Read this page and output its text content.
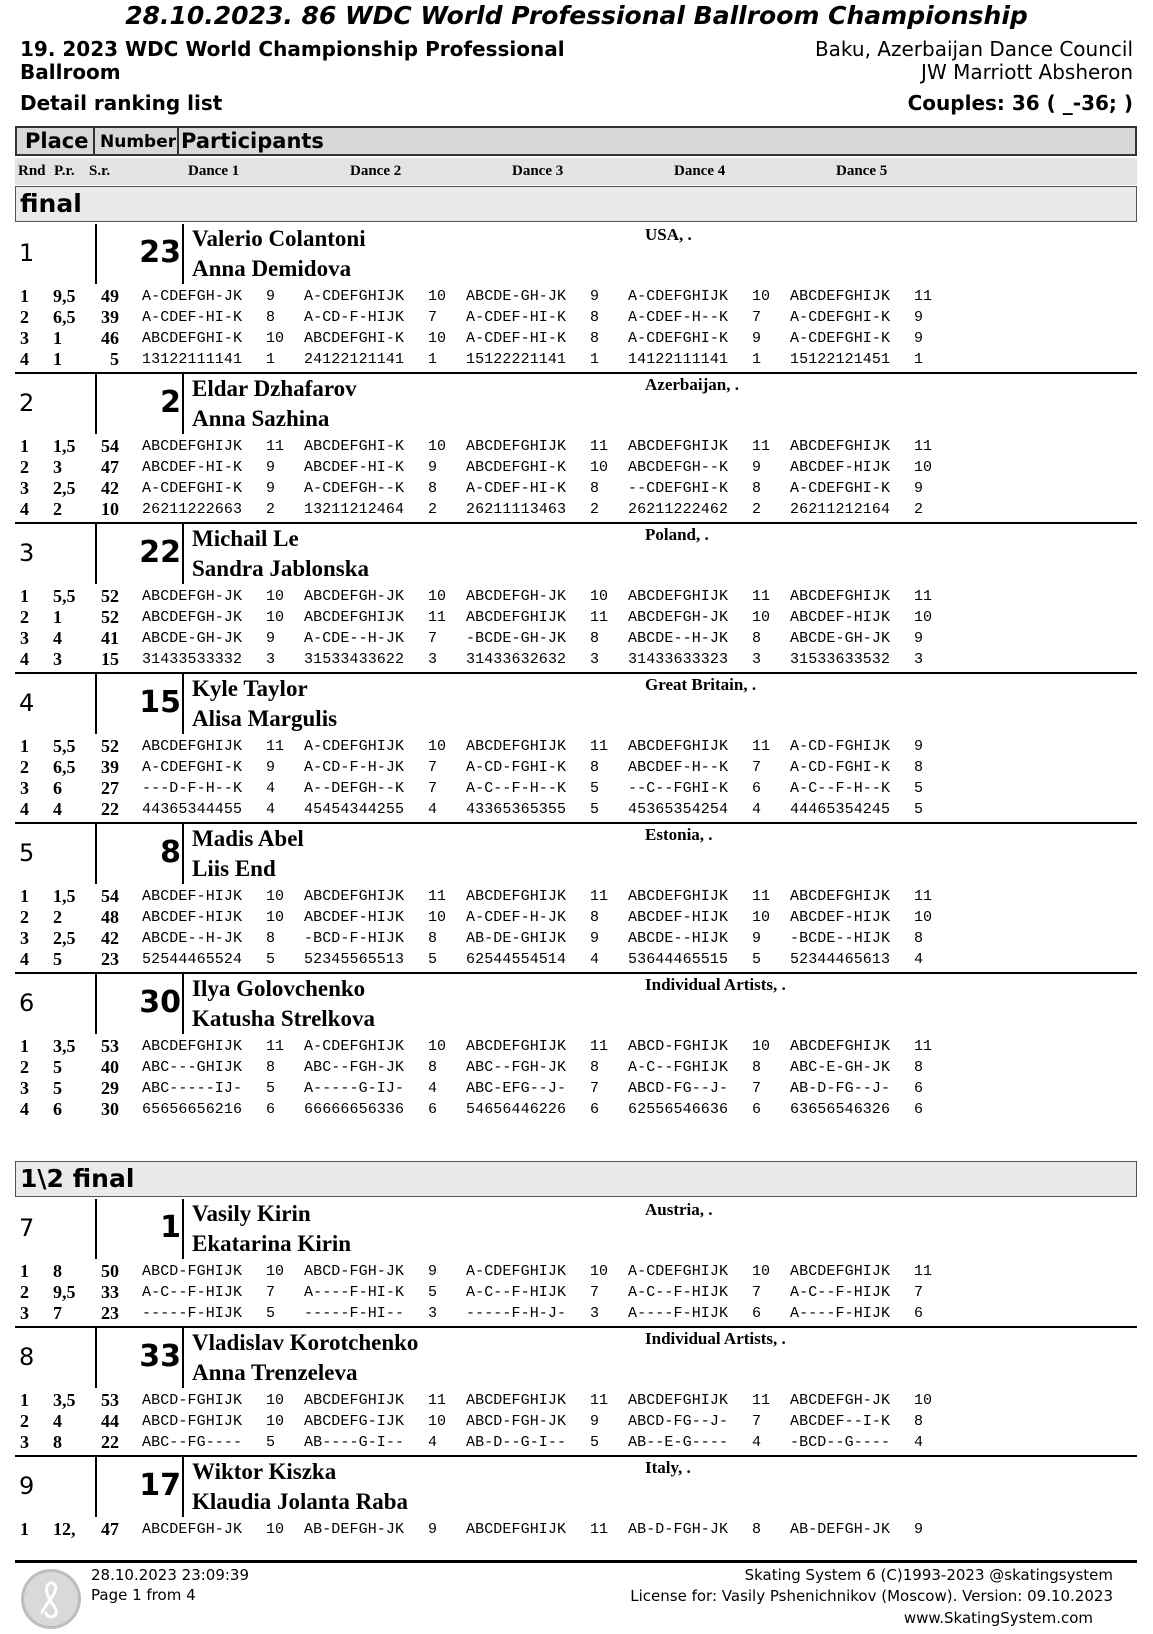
28.10.2023. 86 WDC World Professional Ballroom Championship
19. 2023 WDC World Championship Professional
Ballroom
Baku, Azerbaijan Dance Council
JW Marriott Absheron
Detail ranking list	Couples: 36 ( _-36; )
Place Number Participants
Rnd P.r. S.r.	Dance 1	Dance 2	Dance 3	Dance 4	Dance 5
final
1	23 Valerio Colantoni
Anna Demidova
USA, .
1 9,5	49 A-CDEFGH-JK 9 A-CDEFGHIJK 10 ABCDE-GH-JK 9 A-CDEFGHIJK 10 ABCDEFGHIJK 11
2 6,5	39 A-CDEF-HI-K 8 A-CD-F-HIJK 7 A-CDEF-HI-K 8 A-CDEF-H--K 7 A-CDEFGHI-K 9
3 1	46 ABCDEFGHI-K 10 ABCDEFGHI-K 10 A-CDEF-HI-K 8 A-CDEFGHI-K 9 A-CDEFGHI-K 9
4 1	5 13122111141 1 24122121141 1 15122221141 1 14122111141 1 15122121451 1
2	2 Eldar Dzhafarov
Anna Sazhina
Azerbaijan, .
1 1,5	54 ABCDEFGHIJK 11 ABCDEFGHI-K 10 ABCDEFGHIJK 11 ABCDEFGHIJK 11 ABCDEFGHIJK 11
2 3	47 ABCDEF-HI-K 9 ABCDEF-HI-K 9 ABCDEFGHI-K 10 ABCDEFGH--K 9 ABCDEF-HIJK 10
3 2,5	42 A-CDEFGHI-K 9 A-CDEFGH--K 8 A-CDEF-HI-K 8 --CDEFGHI-K 8 A-CDEFGHI-K 9
4 2	10 26211222663 2 13211212464 2 26211113463 2 26211222462 2 26211212164 2
3	22 Michail Le
Sandra Jablonska
Poland, .
1 5,5	52 ABCDEFGH-JK 10 ABCDEFGH-JK 10 ABCDEFGH-JK 10 ABCDEFGHIJK 11 ABCDEFGHIJK 11
2 1	52 ABCDEFGH-JK 10 ABCDEFGHIJK 11 ABCDEFGHIJK 11 ABCDEFGH-JK 10 ABCDEF-HIJK 10
3 4	41 ABCDE-GH-JK 9 A-CDE--H-JK 7 -BCDE-GH-JK 8 ABCDE--H-JK 8 ABCDE-GH-JK 9
4 3	15 31433533332 3 31533433622 3 31433632632 3 31433633323 3 31533633532 3
4	15 Kyle Taylor
Alisa Margulis
Great Britain, .
1 5,5	52 ABCDEFGHIJK 11 A-CDEFGHIJK 10 ABCDEFGHIJK 11 ABCDEFGHIJK 11 A-CD-FGHIJK 9
2 6,5	39 A-CDEFGHI-K 9 A-CD-F-H-JK 7 A-CD-FGHI-K 8 ABCDEF-H--K 7 A-CD-FGHI-K 8
3 6	27 ---D-F-H--K 4 A--DEFGH--K 7 A-C--F-H--K 5 --C--FGHI-K 6 A-C--F-H--K 5
4 4	22 44365344455 4 45454344255 4 43365365355 5 45365354254 4 44465354245 5
5	8 Madis Abel
Liis End
Estonia, .
1 1,5	54 ABCDEF-HIJK 10 ABCDEFGHIJK 11 ABCDEFGHIJK 11 ABCDEFGHIJK 11 ABCDEFGHIJK 11
2 2	48 ABCDEF-HIJK 10 ABCDEF-HIJK 10 A-CDEF-H-JK 8 ABCDEF-HIJK 10 ABCDEF-HIJK 10
3 2,5	42 ABCDE--H-JK 8 -BCD-F-HIJK 8 AB-DE-GHIJK 9 ABCDE--HIJK 9 -BCDE--HIJK 8
4 5	23 52544465524 5 52345565513 5 62544554514 4 53644465515 5 52344465613 4
6	30 Ilya Golovchenko
Katusha Strelkova
Individual Artists, .
1 3,5	53 ABCDEFGHIJK 11 A-CDEFGHIJK 10 ABCDEFGHIJK 11 ABCD-FGHIJK 10 ABCDEFGHIJK 11
2 5	40 ABC---GHIJK 8 ABC--FGH-JK 8 ABC--FGH-JK 8 A-C--FGHIJK 8 ABC-E-GH-JK 8
3 5	29 ABC-----IJ- 5 A-----G-IJ- 4 ABC-EFG--J- 7 ABCD-FG--J- 7 AB-D-FG--J- 6
4 6	30 65656656216 6 66666656336 6 54656446226 6 62556546636 6 63656546326 6
1\2 final
7	1 Vasily Kirin
Ekatarina Kirin
Austria, .
1 8	50 ABCD-FGHIJK 10 ABCD-FGH-JK 9 A-CDEFGHIJK 10 A-CDEFGHIJK 10 ABCDEFGHIJK 11
2 9,5	33 A-C--F-HIJK 7 A----F-HI-K 5 A-C--F-HIJK 7 A-C--F-HIJK 7 A-C--F-HIJK 7
3 7	23 -----F-HIJK 5 -----F-HI-- 3 -----F-H-J- 3 A----F-HIJK 6 A----F-HIJK 6
8	33 Vladislav Korotchenko
Anna Trenzeleva
Individual Artists, .
1 3,5	53 ABCD-FGHIJK 10 ABCDEFGHIJK 11 ABCDEFGHIJK 11 ABCDEFGHIJK 11 ABCDEFGH-JK 10
2 4	44 ABCD-FGHIJK 10 ABCDEFG-IJK 10 ABCD-FGH-JK 9 ABCD-FG--J- 7 ABCDEF--I-K 8
3 8	22 ABC--FG---- 5 AB----G-I-- 4 AB-D--G-I-- 5 AB--E-G---- 4 -BCD--G---- 4
9	17 Wiktor Kiszka
Klaudia Jolanta Raba
Italy, .
1 12,	47 ABCDEFGH-JK 10 AB-DEFGH-JK 9 ABCDEFGHIJK 11 AB-D-FGH-JK 8 AB-DEFGH-JK 9
28.10.2023 23:09:39
Page 1 from 4
Skating System 6 (C)1993-2023 @skatingsystem
License for: Vasily Pshenichnikov (Moscow). Version: 09.10.2023
www.SkatingSystem.com
